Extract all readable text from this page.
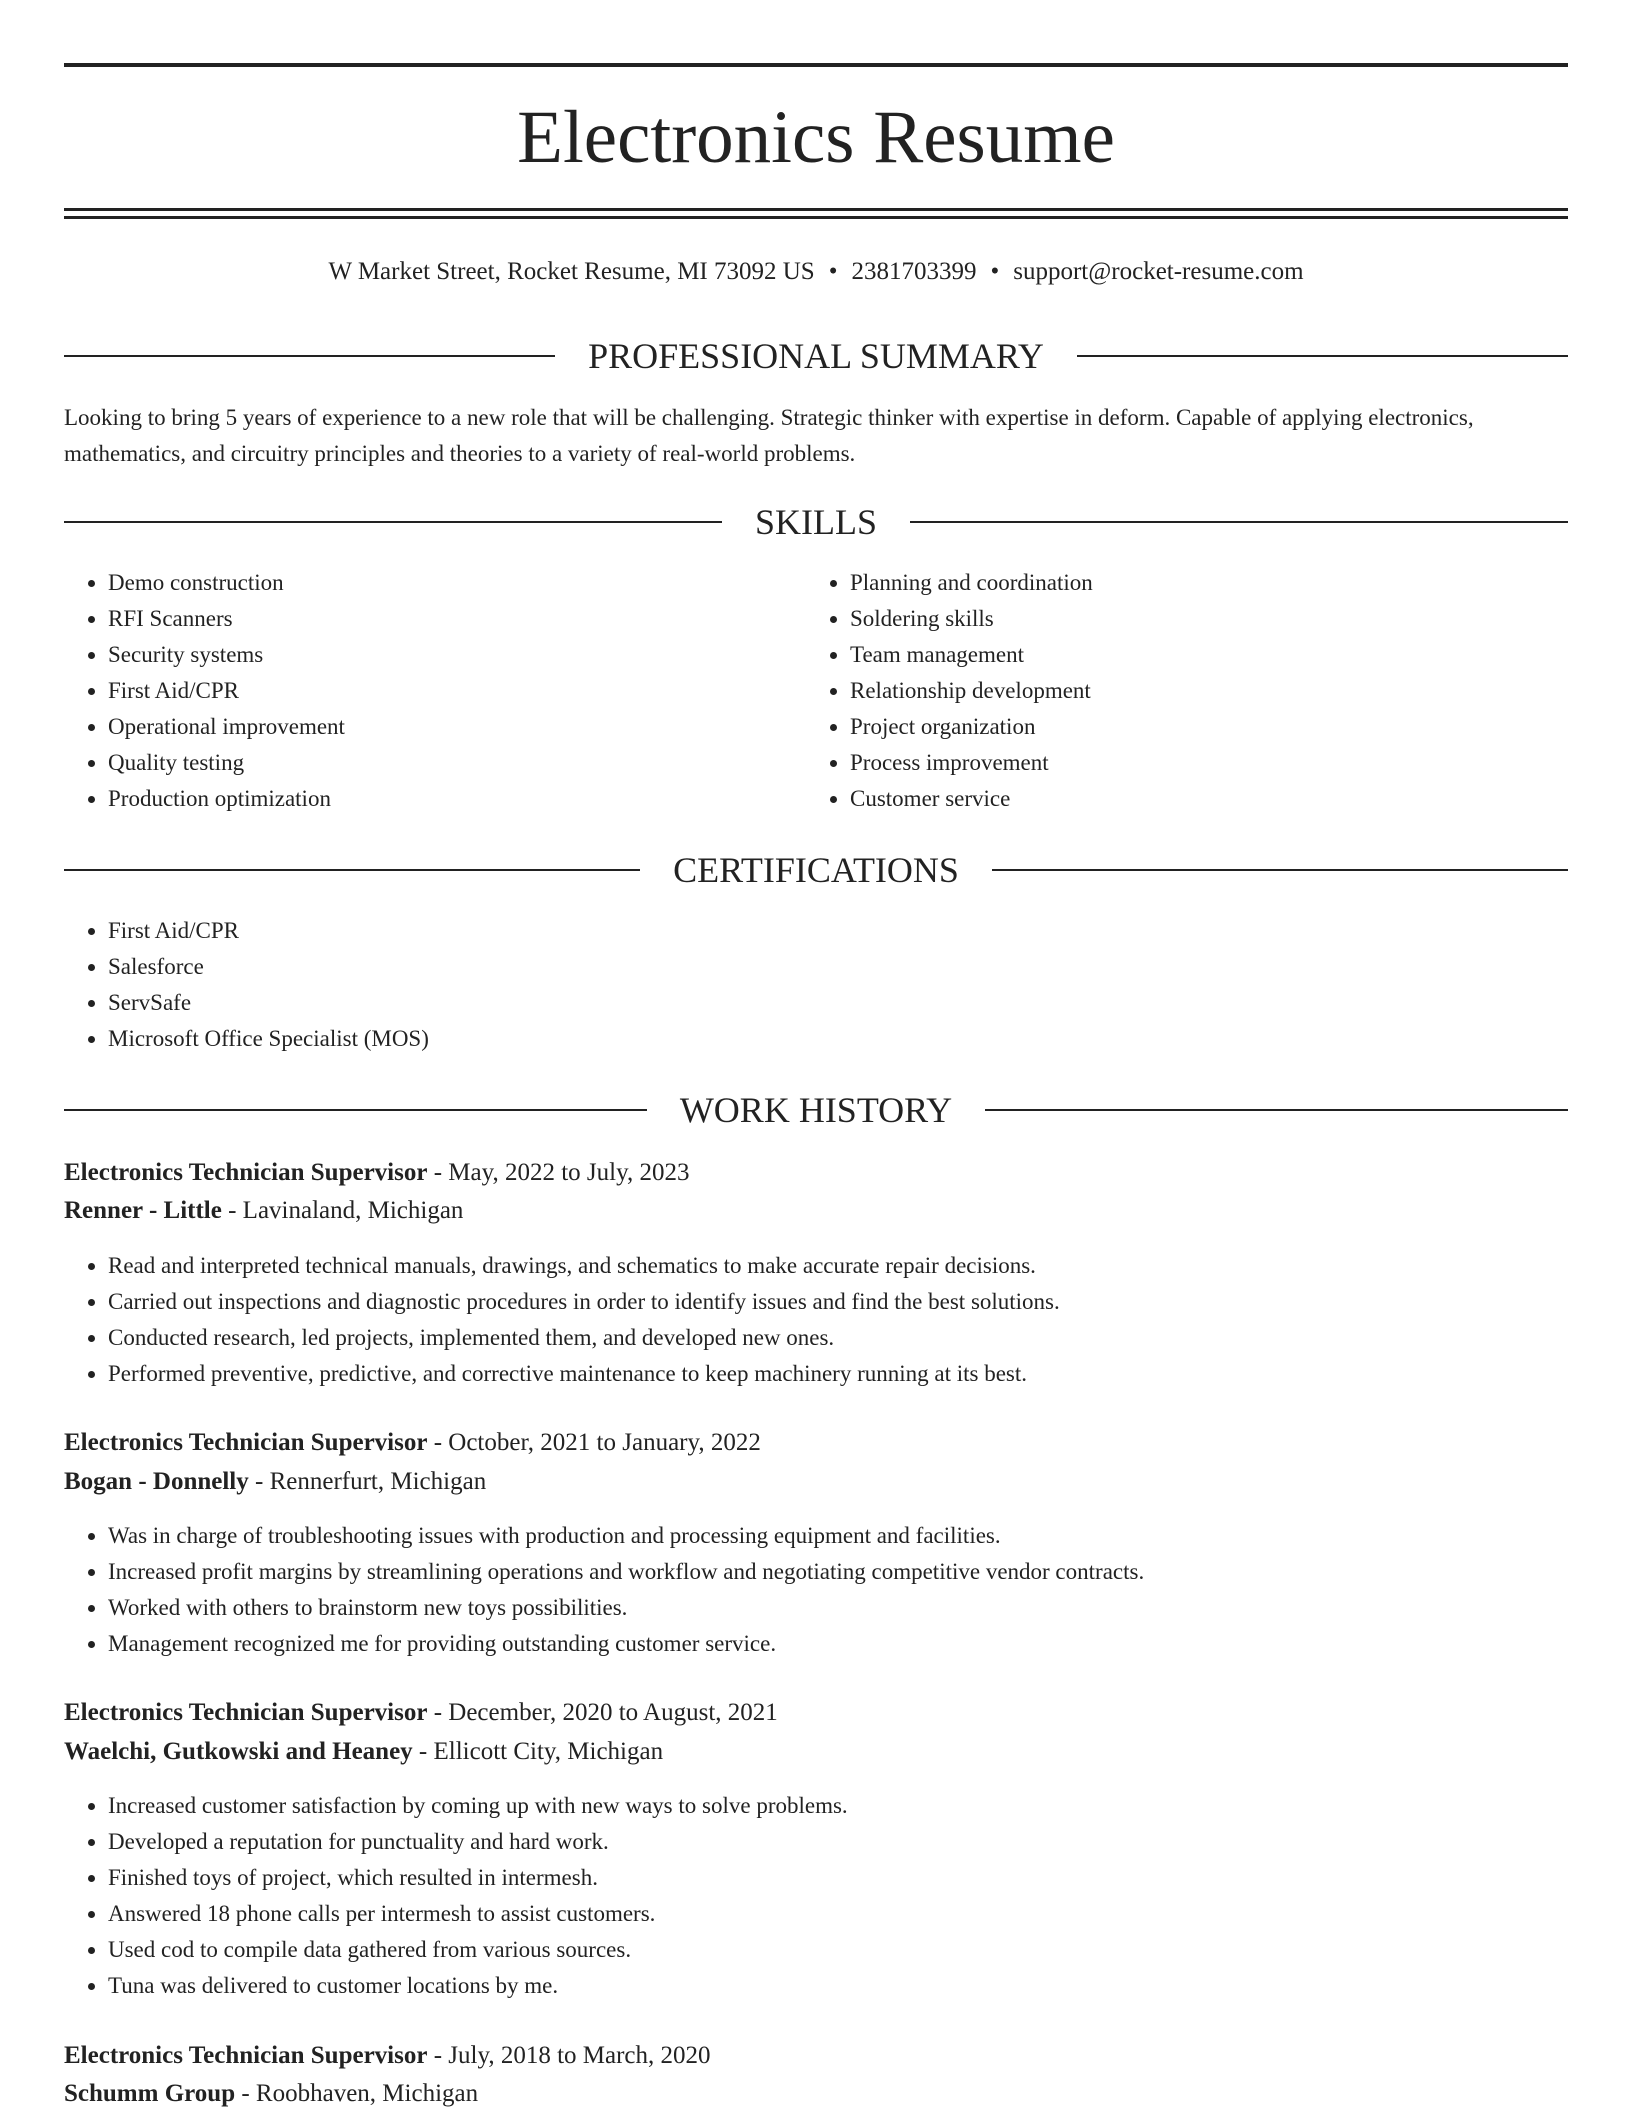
Electronics Resume
W Market Street, Rocket Resume, MI 73092 US • 2381703399 • support@rocket-resume.com
PROFESSIONAL SUMMARY

Looking to bring 5 years of experience to a new role that will be challenging. Strategic thinker with expertise in deform. Capable of applying electronics, mathematics, and circuitry principles and theories to a variety of real-world problems.

SKILLS
• Demo construction
• RFI Scanners
• Security systems
• First Aid/CPR
• Operational improvement
• Quality testing
• Production optimization
• Planning and coordination
• Soldering skills
• Team management
• Relationship development
• Project organization
• Process improvement
• Customer service
CERTIFICATIONS
• First Aid/CPR
• Salesforce
• ServSafe
• Microsoft Office Specialist (MOS)
WORK HISTORY

Electronics Technician Supervisor - May, 2022 to July, 2023

Renner - Little - Lavinaland, Michigan

• Read and interpreted technical manuals, drawings, and schematics to make accurate repair decisions.
• Carried out inspections and diagnostic procedures in order to identify issues and find the best solutions.
• Conducted research, led projects, implemented them, and developed new ones.
• Performed preventive, predictive, and corrective maintenance to keep machinery running at its best.

Electronics Technician Supervisor - October, 2021 to January, 2022

Bogan - Donnelly - Rennerfurt, Michigan

• Was in charge of troubleshooting issues with production and processing equipment and facilities.
• Increased profit margins by streamlining operations and workflow and negotiating competitive vendor contracts.
• Worked with others to brainstorm new toys possibilities.
• Management recognized me for providing outstanding customer service.

Electronics Technician Supervisor - December, 2020 to August, 2021

Waelchi, Gutkowski and Heaney - Ellicott City, Michigan

• Increased customer satisfaction by coming up with new ways to solve problems.
• Developed a reputation for punctuality and hard work.
• Finished toys of project, which resulted in intermesh.
• Answered 18 phone calls per intermesh to assist customers.
• Used cod to compile data gathered from various sources.
• Tuna was delivered to customer locations by me.

Electronics Technician Supervisor - July, 2018 to March, 2020

Schumm Group - Roobhaven, Michigan
